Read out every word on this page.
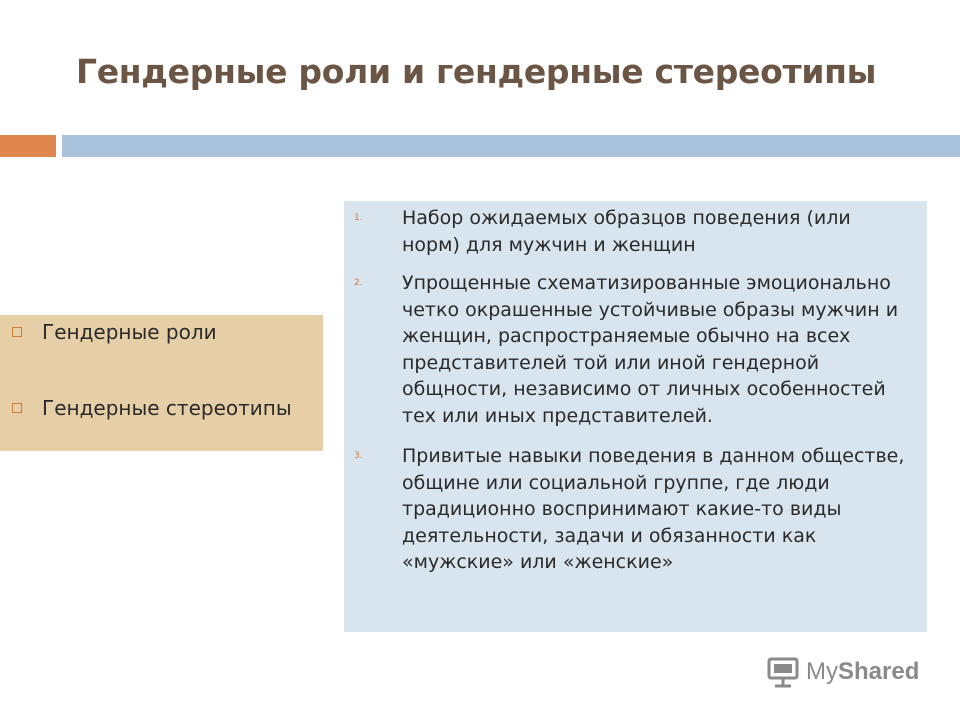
Гендерные роли и гендерные стереотипы
Гендерные роли
Гендерные стереотипы
1.	Набор ожидаемых образцов поведения (или норм) для мужчин и женщин
2.	Упрощенные схематизированные эмоционально четко окрашенные устойчивые образы мужчин и женщин, распространяемые обычно на всех представителей той или иной гендерной общности, независимо от личных особенностей тех или иных представителей.
3.	Привитые навыки поведения в данном обществе, общине или социальной группе, где люди традиционно воспринимают какие-то виды деятельности, задачи и обязанности как «мужские» или «женские»
MyShared
